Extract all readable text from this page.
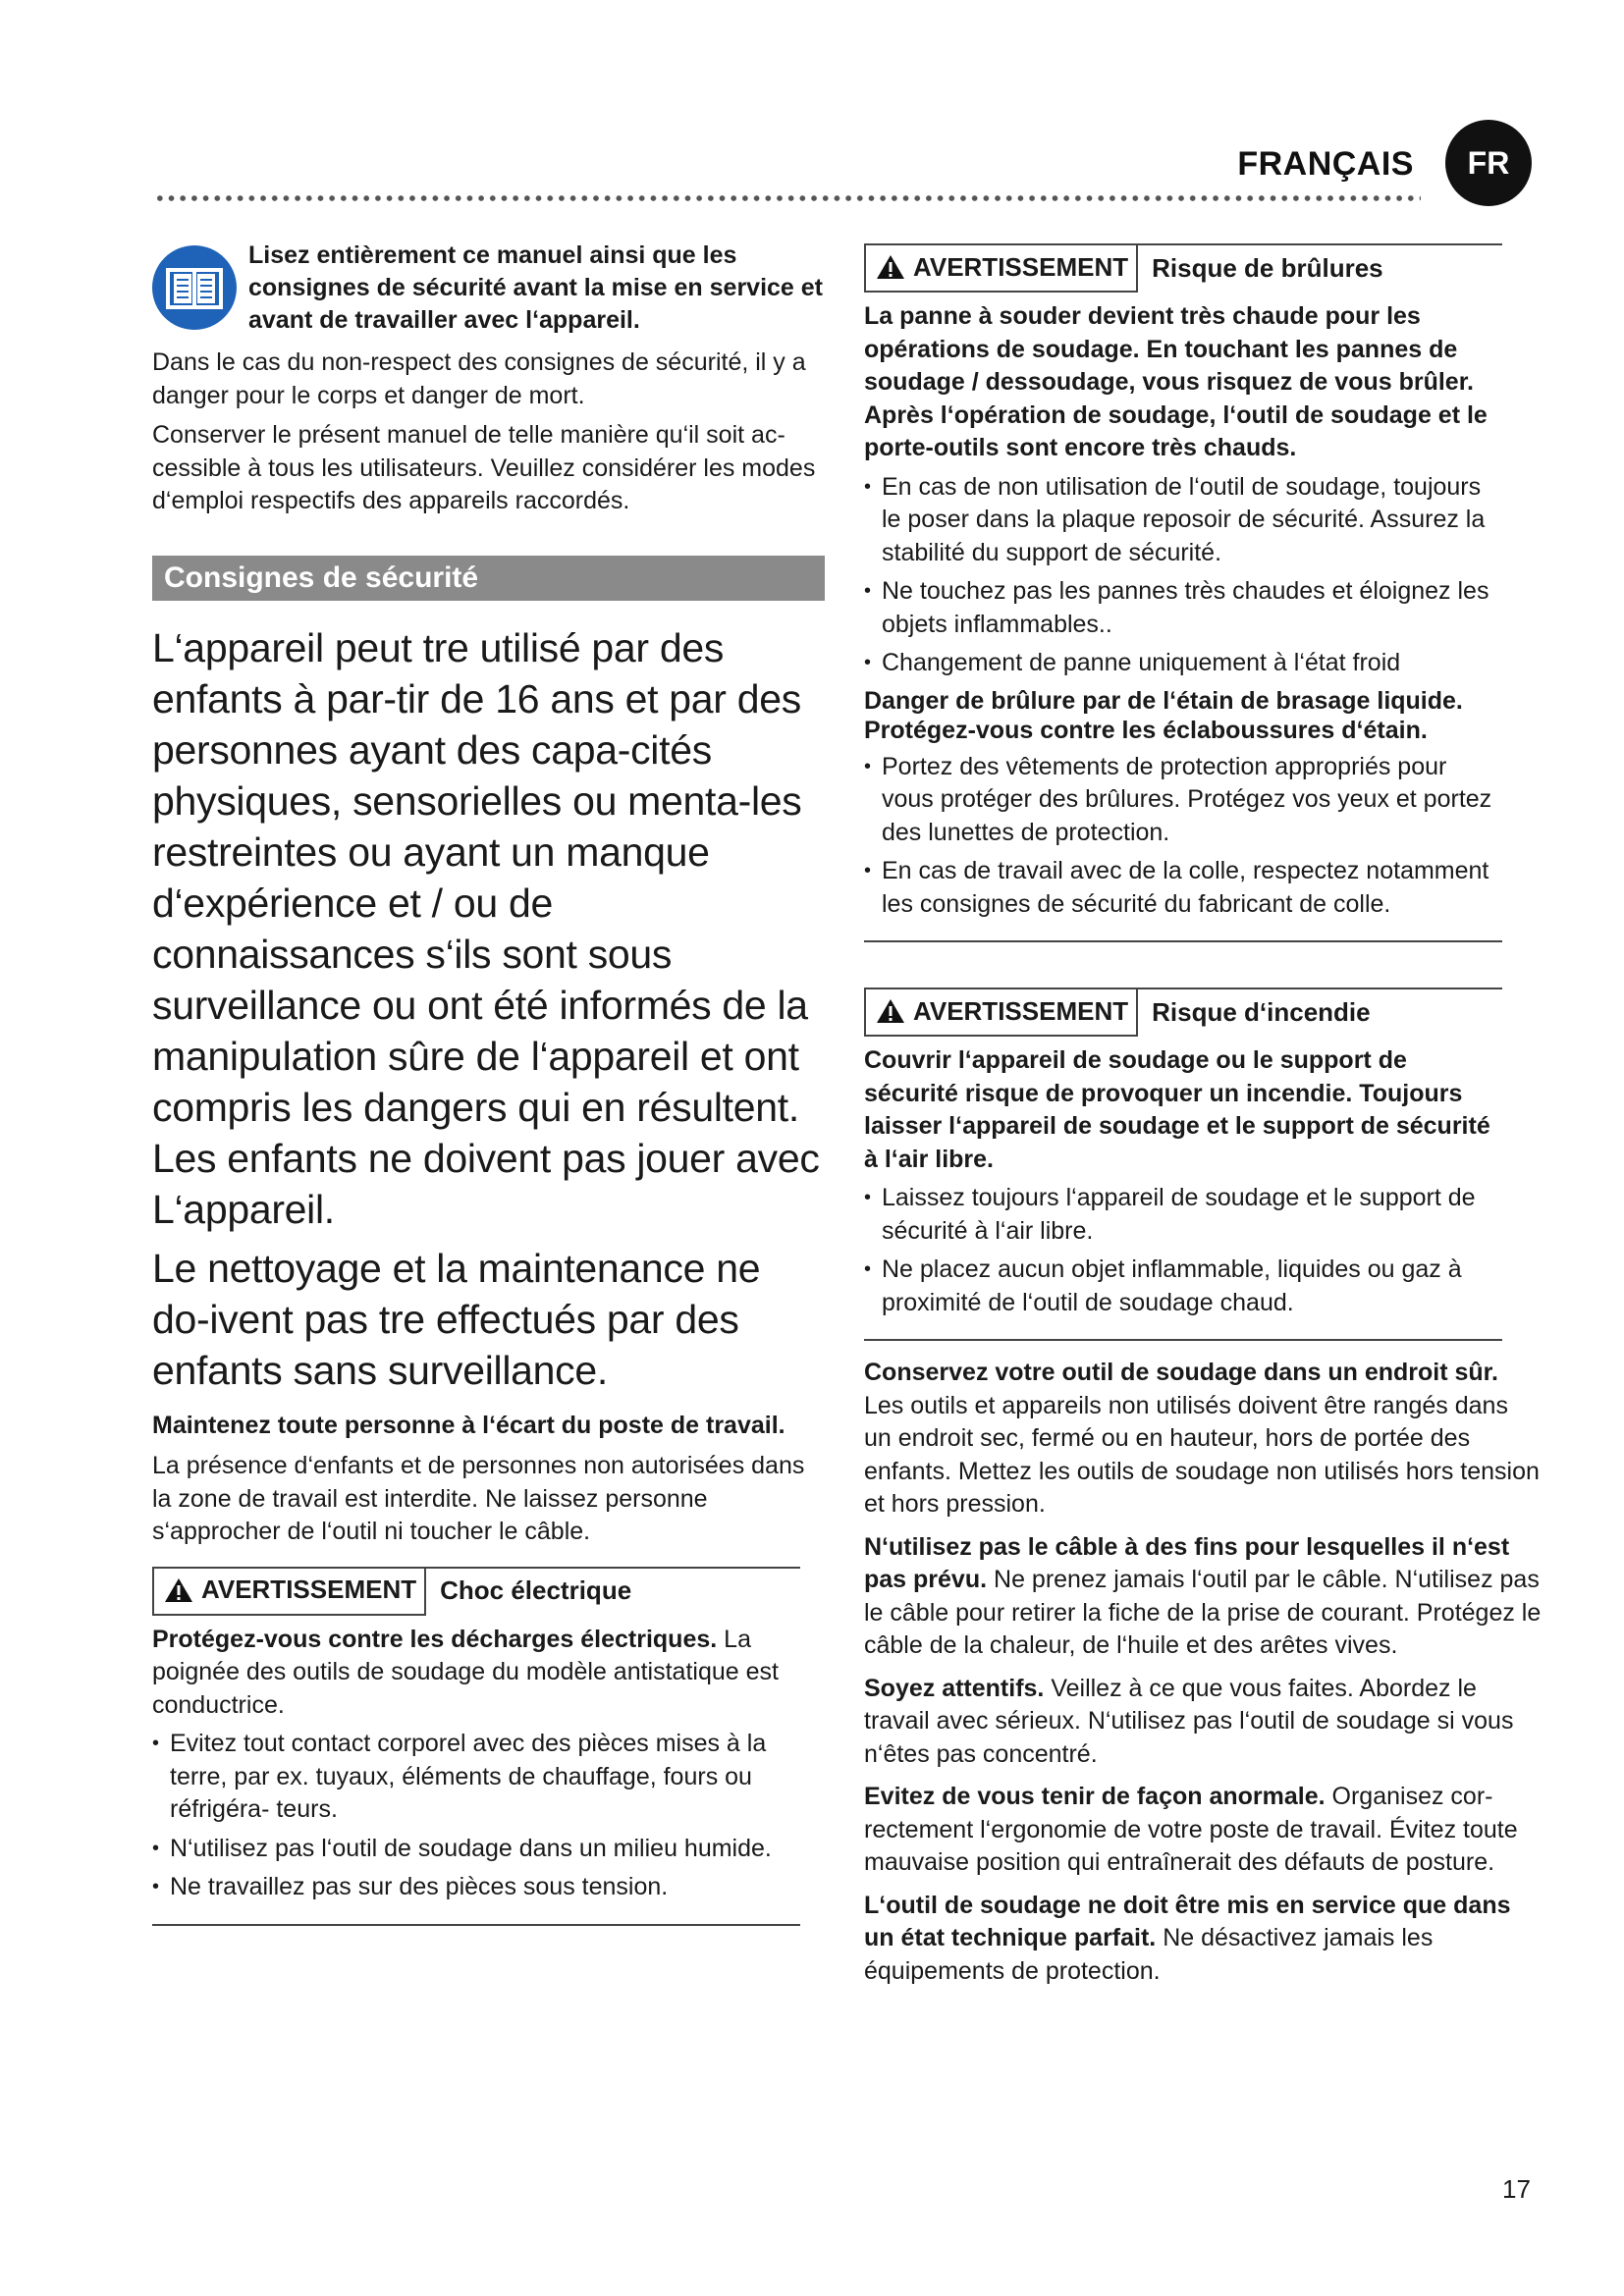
FRANÇAIS	FR

Lisez entièrement ce manuel ainsi que les consignes de sécurité avant la mise en service et avant de travailler avec l‘appareil.

Dans le cas du non-respect des consignes de sécurité, il y a danger pour le corps et danger de mort.

Conserver le présent manuel de telle manière qu‘il soit ac-cessible à tous les utilisateurs. Veuillez considérer les modes d‘emploi respectifs des appareils raccordés.

Consignes de sécurité

L‘appareil peut tre utilisé par des enfants à par-tir de 16 ans et par des personnes ayant des capa-cités physiques, sensorielles ou menta-les restreintes ou ayant un manque d‘expérience et / ou de connaissances s‘ils sont sous surveillance ou ont été informés de la manipulation sûre de l‘appareil et ont compris les dangers qui en résultent. Les enfants ne doivent pas jouer avec L‘appareil.

Le nettoyage et la maintenance ne do-ivent pas tre effectués par des enfants sans surveillance.

Maintenez toute personne à l‘écart du poste de travail.

La présence d‘enfants et de personnes non autorisées dans la zone de travail est interdite. Ne laissez personne s‘approcher de l‘outil ni toucher le câble.

AVERTISSEMENT Choc électrique

Protégez-vous contre les décharges électriques. La poignée des outils de soudage du modèle antistatique est conductrice.

• Evitez tout contact corporel avec des pièces mises à la terre, par ex. tuyaux, éléments de chauffage, fours ou réfrigéra- teurs.
• N‘utilisez pas l‘outil de soudage dans un milieu humide.
• Ne travaillez pas sur des pièces sous tension.
AVERTISSEMENT Risque de brûlures

La panne à souder devient très chaude pour les opérations de soudage. En touchant les pannes de soudage / dessoudage, vous risquez de vous brûler. Après l‘opération de soudage, l‘outil de soudage et le porte-outils sont encore très chauds.

• En cas de non utilisation de l‘outil de soudage, toujours le poser dans la plaque reposoir de sécurité. Assurez la stabilité du support de sécurité.
• Ne touchez pas les pannes très chaudes et éloignez les objets inflammables..
• Changement de panne uniquement à l‘état froid

Danger de brûlure par de l‘étain de brasage liquide. Protégez-vous contre les éclaboussures d‘étain.

• Portez des vêtements de protection appropriés pour vous protéger des brûlures. Protégez vos yeux et portez des lunettes de protection.
• En cas de travail avec de la colle, respectez notamment les consignes de sécurité du fabricant de colle.
AVERTISSEMENT Risque d‘incendie

Couvrir l‘appareil de soudage ou le support de sécurité risque de provoquer un incendie. Toujours laisser l‘appareil de soudage et le support de sécurité à l‘air libre.

• Laissez toujours l‘appareil de soudage et le support de sécurité à l‘air libre.
• Ne placez aucun objet inflammable, liquides ou gaz à proximité de l‘outil de soudage chaud.

Conservez votre outil de soudage dans un endroit sûr.
Les outils et appareils non utilisés doivent être rangés dans un endroit sec, fermé ou en hauteur, hors de portée des enfants. Mettez les outils de soudage non utilisés hors tension et hors pression.

N‘utilisez pas le câble à des fins pour lesquelles il n‘est pas prévu. Ne prenez jamais l‘outil par le câble. N‘utilisez pas le câble pour retirer la fiche de la prise de courant. Protégez le câble de la chaleur, de l‘huile et des arêtes vives.

Soyez attentifs. Veillez à ce que vous faites. Abordez le travail avec sérieux. N‘utilisez pas l‘outil de soudage si vous n‘êtes pas concentré.

Evitez de vous tenir de façon anormale. Organisez cor-rectement l‘ergonomie de votre poste de travail. Évitez toute mauvaise position qui entraînerait des défauts de posture.

L‘outil de soudage ne doit être mis en service que dans un état technique parfait. Ne désactivez jamais les équipements de protection.

17
